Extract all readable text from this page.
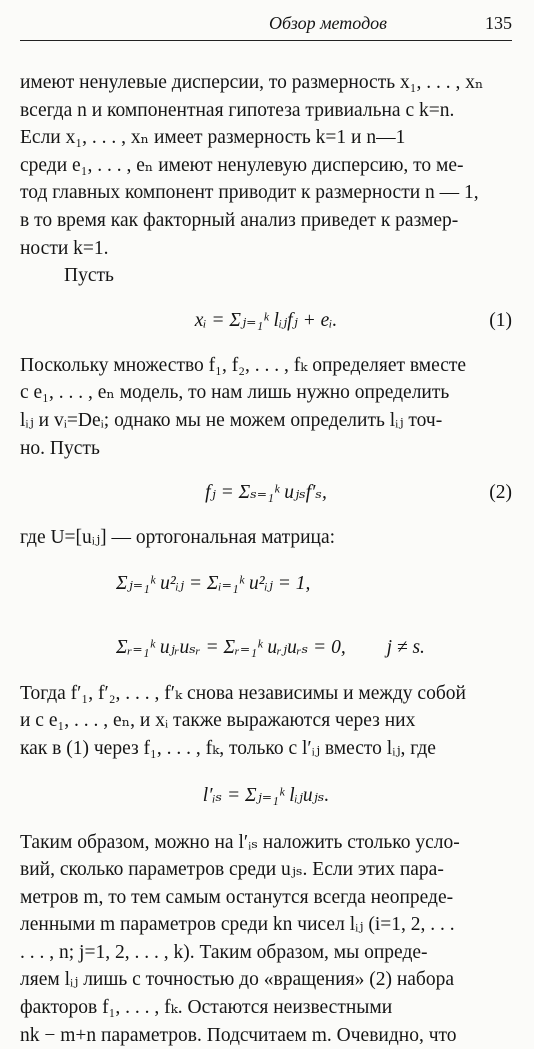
Обзор методов	135

имеют ненулевые дисперсии, то размерность x₁, . . . , xₙ

всегда n и компонентная гипотеза тривиальна с k=n.

Если x₁, . . . , xₙ имеет размерность k=1 и n—1

среди e₁, . . . , eₙ имеют ненулевую дисперсию, то ме-

тод главных компонент приводит к размерности n — 1,

в то время как факторный анализ приведет к размер-

ности k=1.

Пусть

xᵢ = Σⱼ₌₁ᵏ lᵢⱼfⱼ + eᵢ.	(1)

Поскольку множество f₁, f₂, . . . , fₖ определяет вместе

с e₁, . . . , eₙ модель, то нам лишь нужно определить

lᵢⱼ и vᵢ=Deᵢ; однако мы не можем определить lᵢⱼ точ-

но. Пусть

fⱼ = Σₛ₌₁ᵏ uⱼₛf′ₛ,	(2)

где U=[uᵢⱼ] — ортогональная матрица:

Σⱼ₌₁ᵏ u²ᵢⱼ = Σᵢ₌₁ᵏ u²ᵢⱼ = 1,
Σᵣ₌₁ᵏ uⱼᵣuₛᵣ = Σᵣ₌₁ᵏ uᵣⱼuᵣₛ = 0, j ≠ s.

Тогда f′₁, f′₂, . . . , f′ₖ снова независимы и между собой

и с e₁, . . . , eₙ, и xᵢ также выражаются через них

как в (1) через f₁, . . . , fₖ, только с l′ᵢⱼ вместо lᵢⱼ, где

l′ᵢₛ = Σⱼ₌₁ᵏ lᵢⱼuⱼₛ.

Таким образом, можно на l′ᵢₛ наложить столько усло-

вий, сколько параметров среди uⱼₛ. Если этих пара-

метров m, то тем самым останутся всегда неопреде-

ленными m параметров среди kn чисел lᵢⱼ (i=1, 2, . . .

. . . , n; j=1, 2, . . . , k). Таким образом, мы опреде-

ляем lᵢⱼ лишь с точностью до «вращения» (2) набора

факторов f₁, . . . , fₖ. Остаются неизвестными

nk − m+n параметров. Подсчитаем m. Очевидно, что
